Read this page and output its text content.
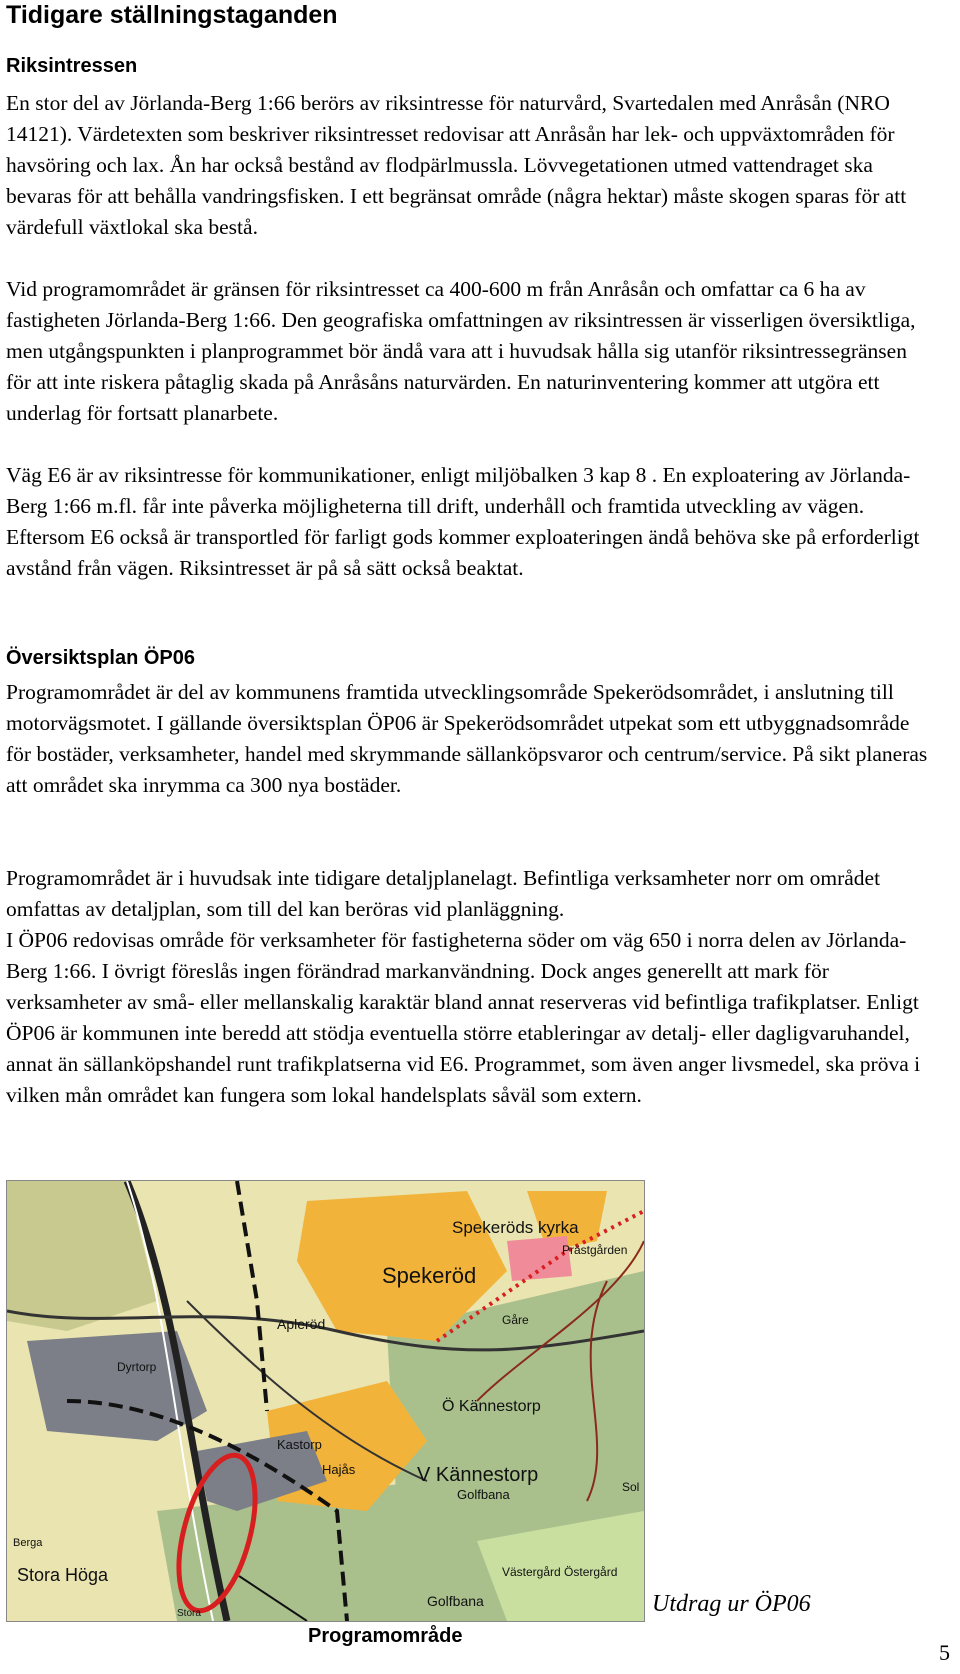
Tidigare ställningstaganden
Riksintressen

En stor del av Jörlanda-Berg 1:66 berörs av riksintresse för naturvård, Svartedalen med Anråsån (NRO 14121). Värdetexten som beskriver riksintresset redovisar att Anråsån har lek- och uppväxtområden för havsöring och lax. Ån har också bestånd av flodpärlmussla. Lövvegetationen utmed vattendraget ska bevaras för att behålla vandringsfisken. I ett begränsat område (några hektar) måste skogen sparas för att värdefull växtlokal ska bestå.

Vid programområdet är gränsen för riksintresset ca 400-600 m från Anråsån och omfattar ca 6 ha av fastigheten Jörlanda-Berg 1:66. Den geografiska omfattningen av riksintressen är visserligen översiktliga, men utgångspunkten i planprogrammet bör ändå vara att i huvudsak hålla sig utanför riksintressegränsen för att inte riskera påtaglig skada på Anråsåns naturvärden. En naturinventering kommer att utgöra ett underlag för fortsatt planarbete.

Väg E6 är av riksintresse för kommunikationer, enligt miljöbalken 3 kap 8 . En exploatering av Jörlanda-Berg 1:66 m.fl. får inte påverka möjligheterna till drift, underhåll och framtida utveckling av vägen. Eftersom E6 också är transportled för farligt gods kommer exploateringen ändå behöva ske på erforderligt avstånd från vägen. Riksintresset är på så sätt också beaktat.

Översiktsplan ÖP06

Programområdet är del av kommunens framtida utvecklingsområde Spekerödsområdet, i anslutning till motorvägsmotet. I gällande översiktsplan ÖP06 är Spekerödsområdet utpekat som ett utbyggnadsområde för bostäder, verksamheter, handel med skrymmande sällanköpsvaror och centrum/service. På sikt planeras att området ska inrymma ca 300 nya bostäder.

Programområdet är i huvudsak inte tidigare detaljplanelagt. Befintliga verksamheter norr om området omfattas av detaljplan, som till del kan beröras vid planläggning.

I ÖP06 redovisas område för verksamheter för fastigheterna söder om väg 650 i norra delen av Jörlanda-Berg 1:66. I övrigt föreslås ingen förändrad markanvändning. Dock anges generellt att mark för verksamheter av små- eller mellanskalig karaktär bland annat reserveras vid befintliga trafikplatser. Enligt ÖP06 är kommunen inte beredd att stödja eventuella större etableringar av detalj- eller dagligvaruhandel, annat än sällanköpshandel runt trafikplatserna vid E6. Programmet, som även anger livsmedel, ska pröva i vilken mån området kan fungera som lokal handelsplats såväl som extern.

Spekeröds kyrka
Prästgården
Spekeröd
Apleröd	Gåre
Dyrtorp
Ö Kännestorp
Kastorp
Hajås	V Kännestorp
Golfbana	Sol
Berga
Stora Höga	Västergård Östergård
Golfbana
Stora	Utdrag ur ÖP06
Programområde
5
